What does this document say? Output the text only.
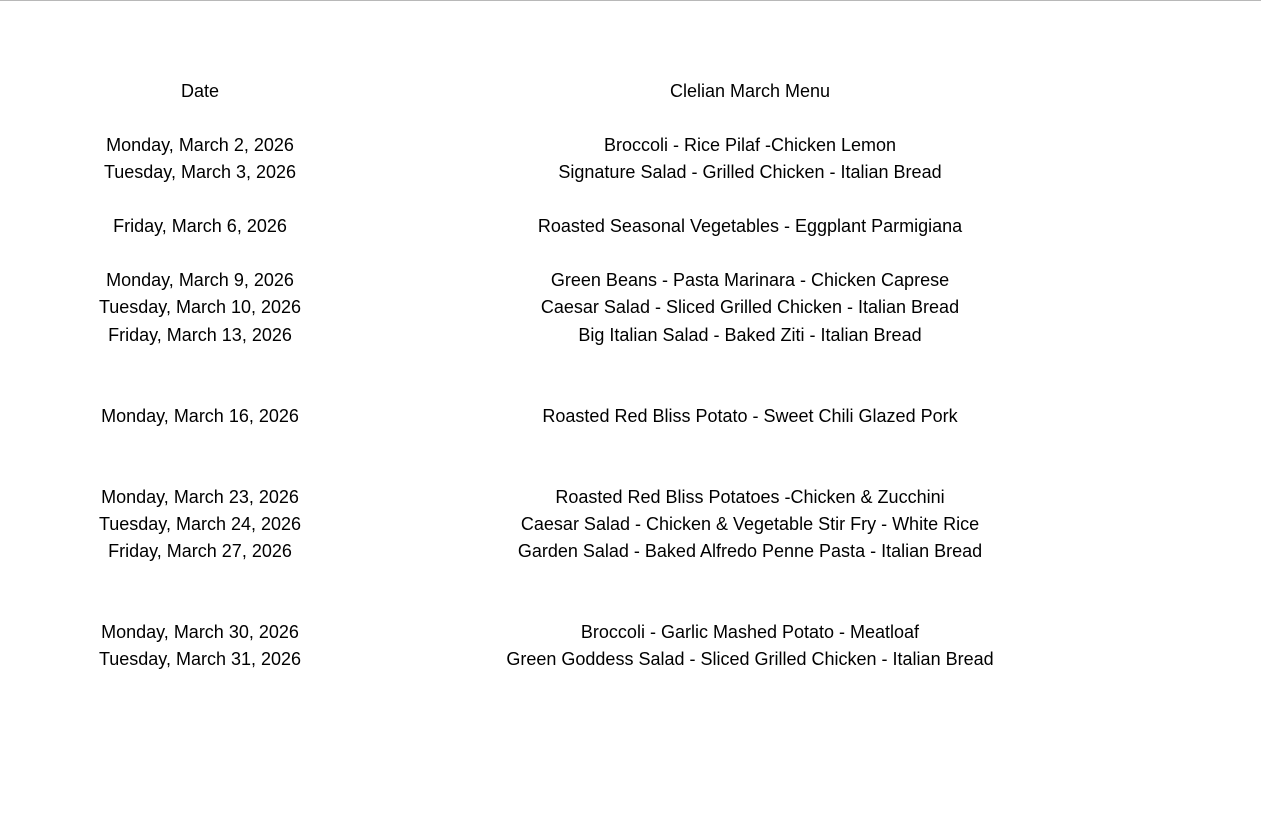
Date	Clelian March Menu
Monday, March 2, 2026	Broccoli - Rice Pilaf -Chicken Lemon
Tuesday, March 3, 2026	Signature Salad - Grilled Chicken - Italian Bread
Friday, March 6, 2026	Roasted Seasonal Vegetables - Eggplant Parmigiana
Monday, March 9, 2026	Green Beans - Pasta Marinara - Chicken Caprese
Tuesday, March 10, 2026	Caesar Salad - Sliced Grilled Chicken - Italian Bread
Friday, March 13, 2026	Big Italian Salad - Baked Ziti - Italian Bread
Monday, March 16, 2026	Roasted Red Bliss Potato - Sweet Chili Glazed Pork
Monday, March 23, 2026	Roasted Red Bliss Potatoes -Chicken & Zucchini
Tuesday, March 24, 2026	Caesar Salad - Chicken & Vegetable Stir Fry - White Rice
Friday, March 27, 2026	Garden Salad - Baked Alfredo Penne Pasta - Italian Bread
Monday, March 30, 2026	Broccoli - Garlic Mashed Potato - Meatloaf
Tuesday, March 31, 2026	Green Goddess Salad - Sliced Grilled Chicken - Italian Bread
